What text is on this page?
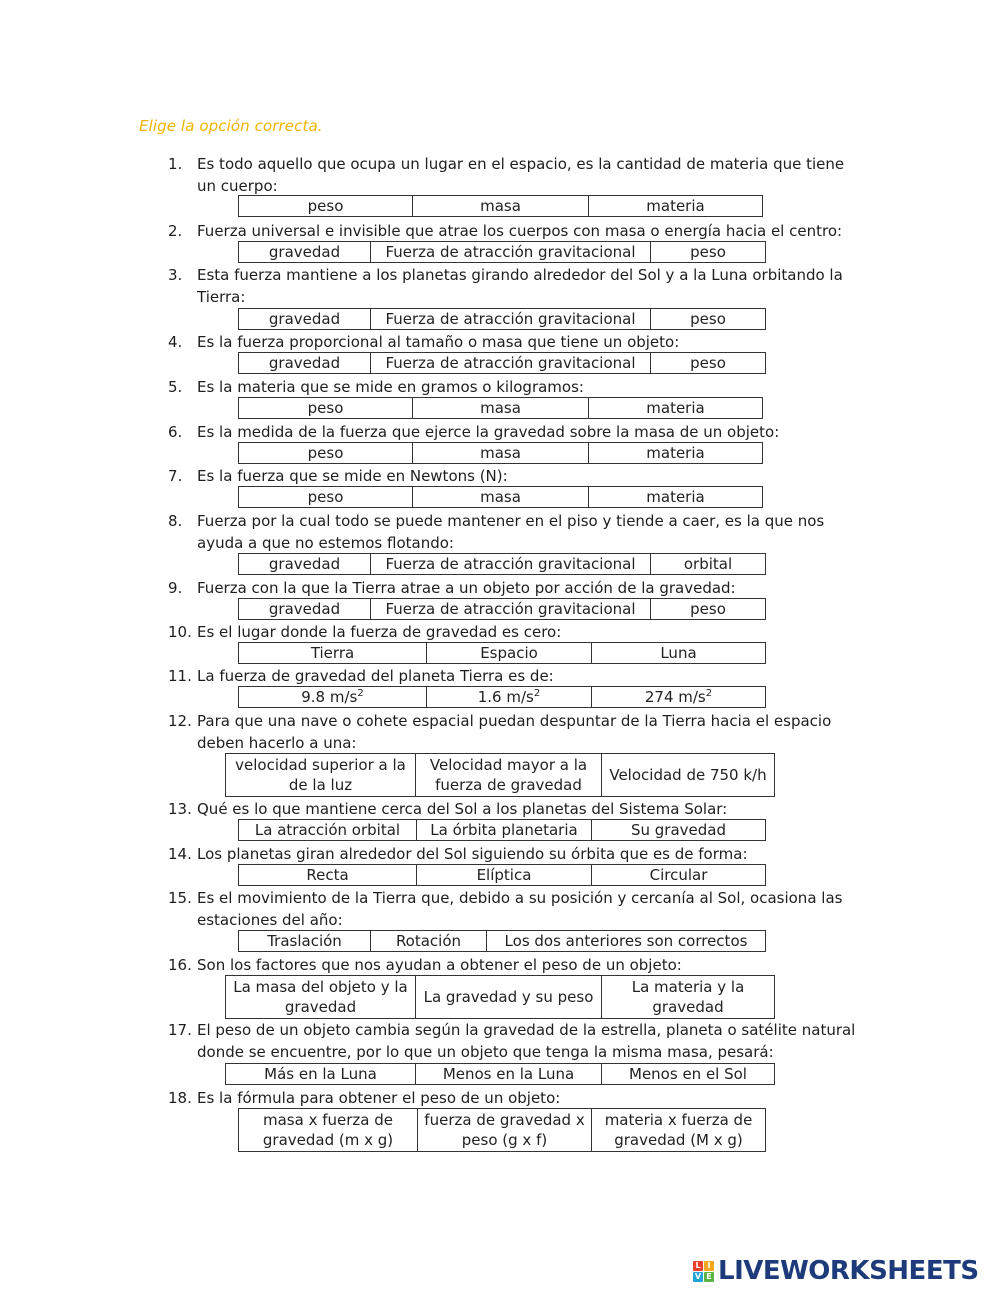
Elige la opción correcta.
1. Es todo aquello que ocupa un lugar en el espacio, es la cantidad de materia que tiene un cuerpo:
peso	masa	materia
2. Fuerza universal e invisible que atrae los cuerpos con masa o energía hacia el centro:
gravedad	Fuerza de atracción gravitacional	peso
3. Esta fuerza mantiene a los planetas girando alrededor del Sol y a la Luna orbitando la Tierra:
gravedad	Fuerza de atracción gravitacional	peso
4. Es la fuerza proporcional al tamaño o masa que tiene un objeto:
gravedad	Fuerza de atracción gravitacional	peso
5. Es la materia que se mide en gramos o kilogramos:
peso	masa	materia
6. Es la medida de la fuerza que ejerce la gravedad sobre la masa de un objeto:
peso	masa	materia
7. Es la fuerza que se mide en Newtons (N):
peso	masa	materia
8. Fuerza por la cual todo se puede mantener en el piso y tiende a caer, es la que nos ayuda a que no estemos flotando:
gravedad	Fuerza de atracción gravitacional	orbital
9. Fuerza con la que la Tierra atrae a un objeto por acción de la gravedad:
gravedad	Fuerza de atracción gravitacional	peso
10. Es el lugar donde la fuerza de gravedad es cero:
Tierra	Espacio	Luna
11. La fuerza de gravedad del planeta Tierra es de:
9.8 $m/s^2$	1.6 $m/s^2$	274 $m/s^2$
12. Para que una nave o cohete espacial puedan despuntar de la Tierra hacia el espacio deben hacerlo a una:
velocidad superior a la de la luz	Velocidad mayor a la fuerza de gravedad	Velocidad de 750 k/h
13. Qué es lo que mantiene cerca del Sol a los planetas del Sistema Solar:
La atracción orbital	La órbita planetaria	Su gravedad
14. Los planetas giran alrededor del Sol siguiendo su órbita que es de forma:
Recta	Elíptica	Circular
15. Es el movimiento de la Tierra que, debido a su posición y cercanía al Sol, ocasiona las estaciones del año:
Traslación	Rotación	Los dos anteriores son correctos
16. Son los factores que nos ayudan a obtener el peso de un objeto:
La masa del objeto y la gravedad	La gravedad y su peso	La materia y la gravedad
17. El peso de un objeto cambia según la gravedad de la estrella, planeta o satélite natural donde se encuentre, por lo que un objeto que tenga la misma masa, pesará:
Más en la Luna	Menos en la Luna	Menos en el Sol
18. Es la fórmula para obtener el peso de un objeto:
masa x fuerza de gravedad (m x g)	fuerza de gravedad x peso (g x f)	materia x fuerza de gravedad (M x g)
L I
V E LIVEWORKSHEETS
